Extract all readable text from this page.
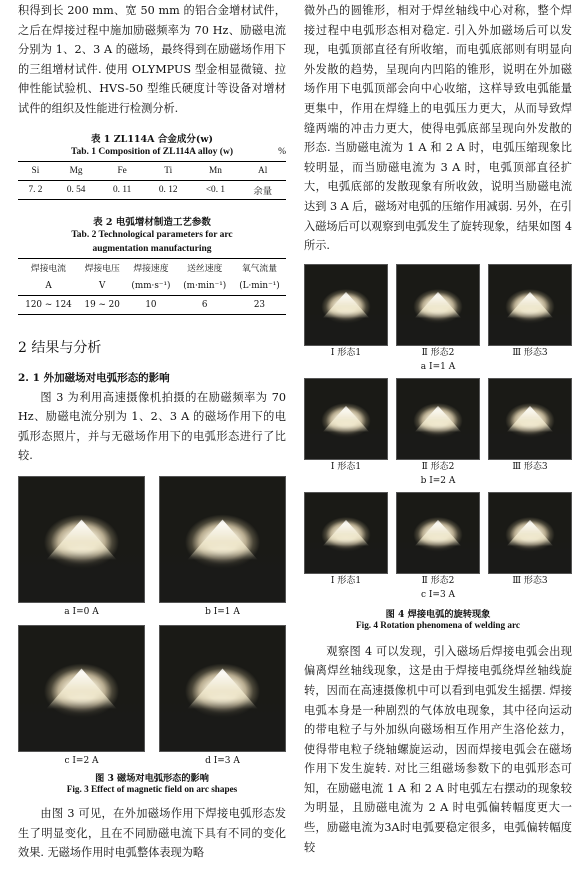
积得到长 200 mm、宽 50 mm 的铝合金增材试件，之后在焊接过程中施加励磁频率为 70 Hz、励磁电流分别为 1、2、3 A 的磁场，最终得到在励磁场作用下的三组增材试件. 使用 OLYMPUS 型金相显微镜、拉伸性能试验机、HVS-50 型维氏硬度计等设备对增材试件的组织及性能进行检测分析.

表 1 ZL114A 合金成分(w)
Tab. 1 Composition of ZL114A alloy (w)	%
Si	Mg	Fe	Ti	Mn	Al
7. 2	0. 54	0. 11	0. 12	<0. 1	余量
表 2 电弧增材制造工艺参数
Tab. 2 Technological parameters for arc
augmentation manufacturing
焊接电流	焊接电压	焊接速度	送丝速度	氧气流量
A	V	(mm·s⁻¹)	(m·min⁻¹)	(L·min⁻¹)
120 ~ 124	19 ~ 20	10	6	23
2 结果与分析
2. 1 外加磁场对电弧形态的影响

图 3 为利用高速摄像机拍摄的在励磁频率为 70 Hz、励磁电流分别为 1、2、3 A 的磁场作用下的电弧形态照片，并与无磁场作用下的电弧形态进行了比较.

a I=0 A	b I=1 A
c I=2 A	d I=3 A
图 3 磁场对电弧形态的影响
Fig. 3 Effect of magnetic field on arc shapes

由图 3 可见，在外加磁场作用下焊接电弧形态发生了明显变化，且在不同励磁电流下具有不同的变化效果. 无磁场作用时电弧整体表现为略

微外凸的圆锥形，相对于焊丝轴线中心对称，整个焊接过程中电弧形态相对稳定. 引入外加磁场后可以发现，电弧顶部直径有所收缩，而电弧底部则有明显向外发散的趋势，呈现向内凹陷的锥形，说明在外加磁场作用下电弧顶部会向中心收缩，这样导致电弧能量更集中，作用在焊缝上的电弧压力更大，从而导致焊缝两端的冲击力更大，使得电弧底部呈现向外发散的形态. 当励磁电流为 1 A 和 2 A 时，电弧压缩现象比较明显，而当励磁电流为 3 A 时，电弧顶部直径扩大，电弧底部的发散现象有所收敛，说明当励磁电流达到 3 A 后，磁场对电弧的压缩作用减弱. 另外，在引入磁场后可以观察到电弧发生了旋转现象，结果如图 4 所示.

Ⅰ 形态1	Ⅱ 形态2	Ⅲ 形态3
a I=1 A
Ⅰ 形态1	Ⅱ 形态2	Ⅲ 形态3
b I=2 A
Ⅰ 形态1	Ⅱ 形态2	Ⅲ 形态3
c I=3 A
图 4 焊接电弧的旋转现象
Fig. 4 Rotation phenomena of welding arc

观察图 4 可以发现，引入磁场后焊接电弧会出现偏离焊丝轴线现象，这是由于焊接电弧绕焊丝轴线旋转，因而在高速摄像机中可以看到电弧发生摇摆. 焊接电弧本身是一种剧烈的气体放电现象，其中径向运动的带电粒子与外加纵向磁场相互作用产生洛伦兹力，使得带电粒子绕轴螺旋运动，因而焊接电弧会在磁场作用下发生旋转. 对比三组磁场参数下的电弧形态可知，在励磁电流 1 A 和 2 A 时电弧左右摆动的现象较为明显，且励磁电流为 2 A 时电弧偏转幅度更大一些，励磁电流为3A时电弧要稳定很多，电弧偏转幅度较
